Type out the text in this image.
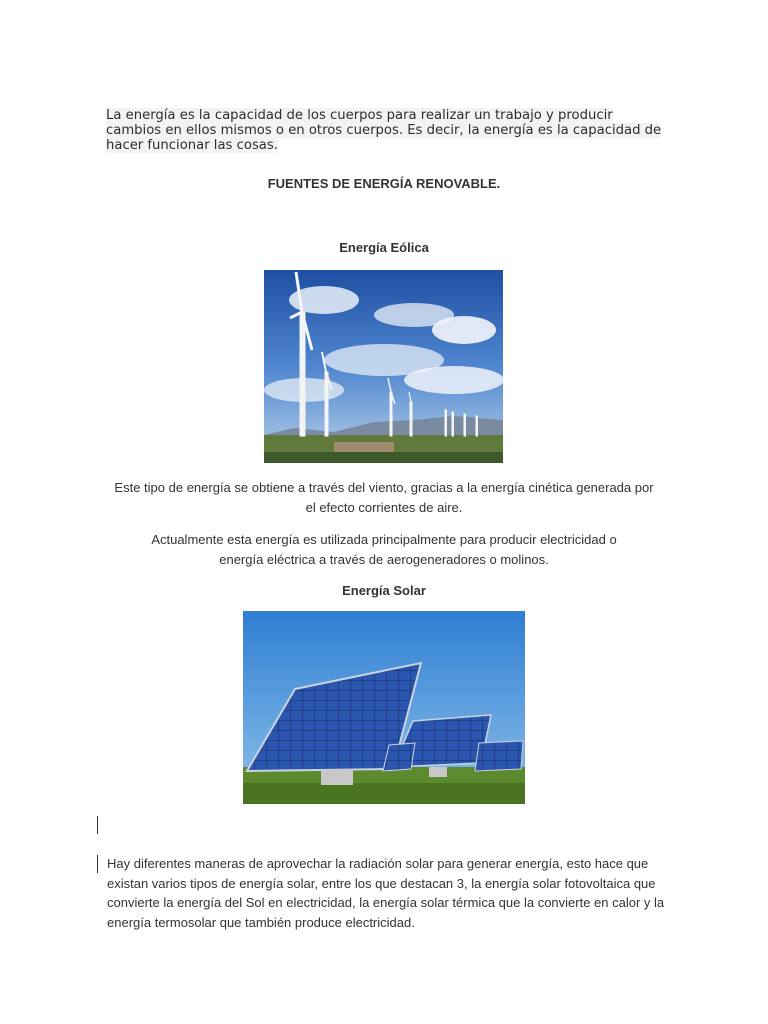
La energía es la capacidad de los cuerpos para realizar un trabajo y producir cambios en ellos mismos o en otros cuerpos. Es decir, la energía es la capacidad de hacer funcionar las cosas.
FUENTES DE ENERGÍA RENOVABLE.
Energía Eólica
Este tipo de energía se obtiene a través del viento, gracias a la energía cinética generada por el efecto corrientes de aire.
Actualmente esta energía es utilizada principalmente para producir electricidad o energía eléctrica a través de aerogeneradores o molinos.
Energía Solar
Hay diferentes maneras de aprovechar la radiación solar para generar energía, esto hace que existan varios tipos de energía solar, entre los que destacan 3, la energía solar fotovoltaica que convierte la energía del Sol en electricidad, la energía solar térmica que la convierte en calor y la energía termosolar que también produce electricidad.
